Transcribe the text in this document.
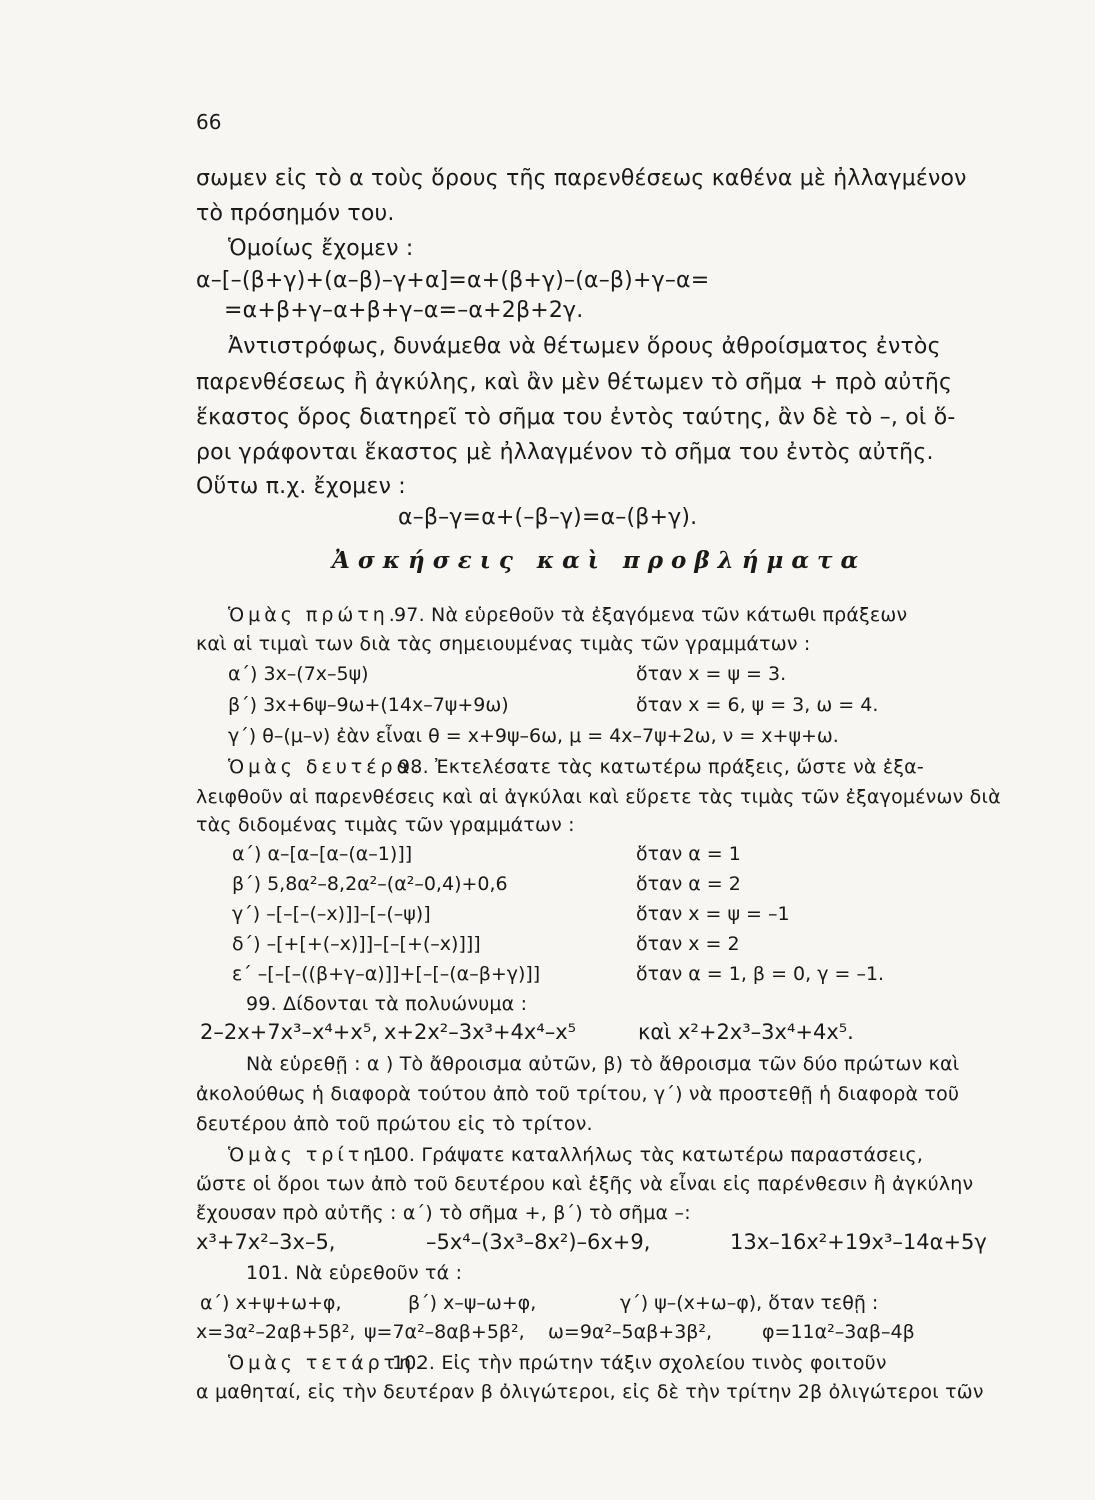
66
σωμεν εἰς τὸ α τοὺς ὅρους τῆς παρενθέσεως καθένα μὲ ἠλλαγμένον
τὸ πρόσημόν του.
Ὁμοίως ἔχομεν :
α–[–(β+γ)+(α–β)–γ+α]=α+(β+γ)–(α–β)+γ–α=
=α+β+γ–α+β+γ–α=–α+2β+2γ.
Ἀντιστρόφως, δυνάμεθα νὰ θέτωμεν ὅρους ἀθροίσματος ἐντὸς
παρενθέσεως ἢ ἀγκύλης, καὶ ἂν μὲν θέτωμεν τὸ σῆμα + πρὸ αὐτῆς
ἕκαστος ὅρος διατηρεῖ τὸ σῆμα του ἐντὸς ταύτης, ἂν δὲ τὸ –, οἱ ὅ-
ροι γράφονται ἕκαστος μὲ ἠλλαγμένον τὸ σῆμα του ἐντὸς αὐτῆς.
Οὕτω π.χ. ἔχομεν :
α–β–γ=α+(–β–γ)=α–(β+γ).
Ἀσκήσεις καὶ προβλήματα
Ὁμὰς πρώτη.
97. Νὰ εὑρεθοῦν τὰ ἐξαγόμενα τῶν κάτωθι πράξεων
καὶ αἱ τιμαὶ των διὰ τὰς σημειουμένας τιμὰς τῶν γραμμάτων :
α΄) 3x–(7x–5ψ)	ὅταν x = ψ = 3.
β΄) 3x+6ψ–9ω+(14x–7ψ+9ω)	ὅταν x = 6, ψ = 3, ω = 4.
γ΄) θ–(μ–ν) ἐὰν εἶναι θ = x+9ψ–6ω, μ = 4x–7ψ+2ω, ν = x+ψ+ω.
Ὁμὰς δευτέρα.
98. Ἐκτελέσατε τὰς κατωτέρω πράξεις, ὥστε νὰ ἐξα-
λειφθοῦν αἱ παρενθέσεις καὶ αἱ ἀγκύλαι καὶ εὕρετε τὰς τιμὰς τῶν ἐξαγομένων διὰ
τὰς διδομένας τιμὰς τῶν γραμμάτων :
α΄) α–[α–[α–(α–1)]]	ὅταν α = 1
β΄) 5,8α²–8,2α²–(α²–0,4)+0,6	ὅταν α = 2
γ΄) –[–[–(–x)]]–[–(–ψ)]	ὅταν x = ψ = –1
δ΄) –[+[+(–x)]]–[–[+(–x)]]]	ὅταν x = 2
ε΄ –[–[–((β+γ–α)]]+[–[–(α–β+γ)]]	ὅταν α = 1, β = 0, γ = –1.
99. Δίδονται τὰ πολυώνυμα :
2–2x+7x³–x⁴+x⁵, x+2x²–3x³+4x⁴–x⁵	καὶ x²+2x³–3x⁴+4x⁵.
Νὰ εὑρεθῇ : α ) Τὸ ἄθροισμα αὐτῶν, β) τὸ ἄθροισμα τῶν δύο πρώτων καὶ
ἀκολούθως ἡ διαφορὰ τούτου ἀπὸ τοῦ τρίτου, γ΄) νὰ προστεθῇ ἡ διαφορὰ τοῦ
δευτέρου ἀπὸ τοῦ πρώτου εἰς τὸ τρίτον.
Ὁμὰς τρίτη.
100. Γράψατε καταλλήλως τὰς κατωτέρω παραστάσεις,
ὥστε οἱ ὅροι των ἀπὸ τοῦ δευτέρου καὶ ἑξῆς νὰ εἶναι εἰς παρένθεσιν ἢ ἀγκύλην
ἔχουσαν πρὸ αὐτῆς : α΄) τὸ σῆμα +, β΄) τὸ σῆμα –:
x³+7x²–3x–5,	–5x⁴–(3x³–8x²)–6x+9,	13x–16x²+19x³–14α+5γ
101. Νὰ εὑρεθοῦν τά :
α΄) x+ψ+ω+φ,	β΄) x–ψ–ω+φ,	γ΄) ψ–(x+ω–φ), ὅταν τεθῇ :
x=3α²–2αβ+5β², ψ=7α²–8αβ+5β², ω=9α²–5αβ+3β²,	φ=11α²–3αβ–4β
Ὁμὰς τετάρτη.
102. Εἰς τὴν πρώτην τάξιν σχολείου τινὸς φοιτοῦν
α μαθηταί, εἰς τὴν δευτέραν β ὀλιγώτεροι, εἰς δὲ τὴν τρίτην 2β ὀλιγώτεροι τῶν
